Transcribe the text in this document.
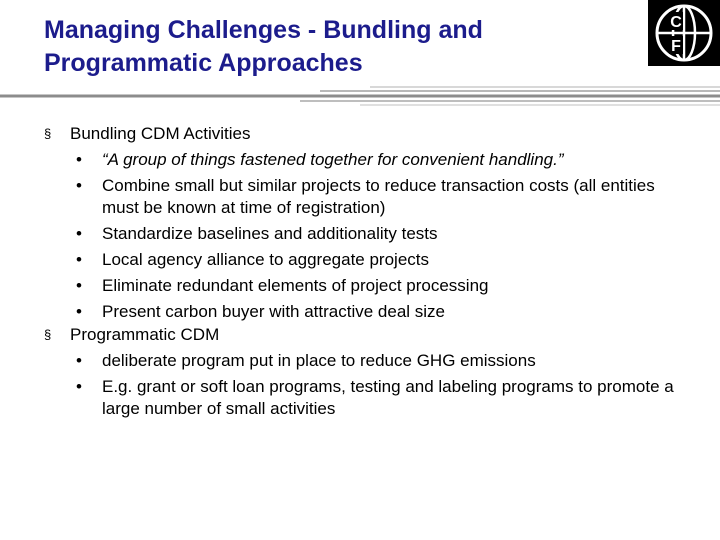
Managing Challenges - Bundling and
Programmatic Approaches
C
F
§ Bundling CDM Activities
• “A group of things fastened together for convenient handling.”
• Combine small but similar projects to reduce transaction costs (all entities must be known at time of registration)
• Standardize baselines and additionality tests
• Local agency alliance to aggregate projects
• Eliminate redundant elements of project processing
• Present carbon buyer with attractive deal size
§ Programmatic CDM
• deliberate program put in place to reduce GHG emissions
• E.g. grant or soft loan programs, testing and labeling programs to promote a large number of small activities
